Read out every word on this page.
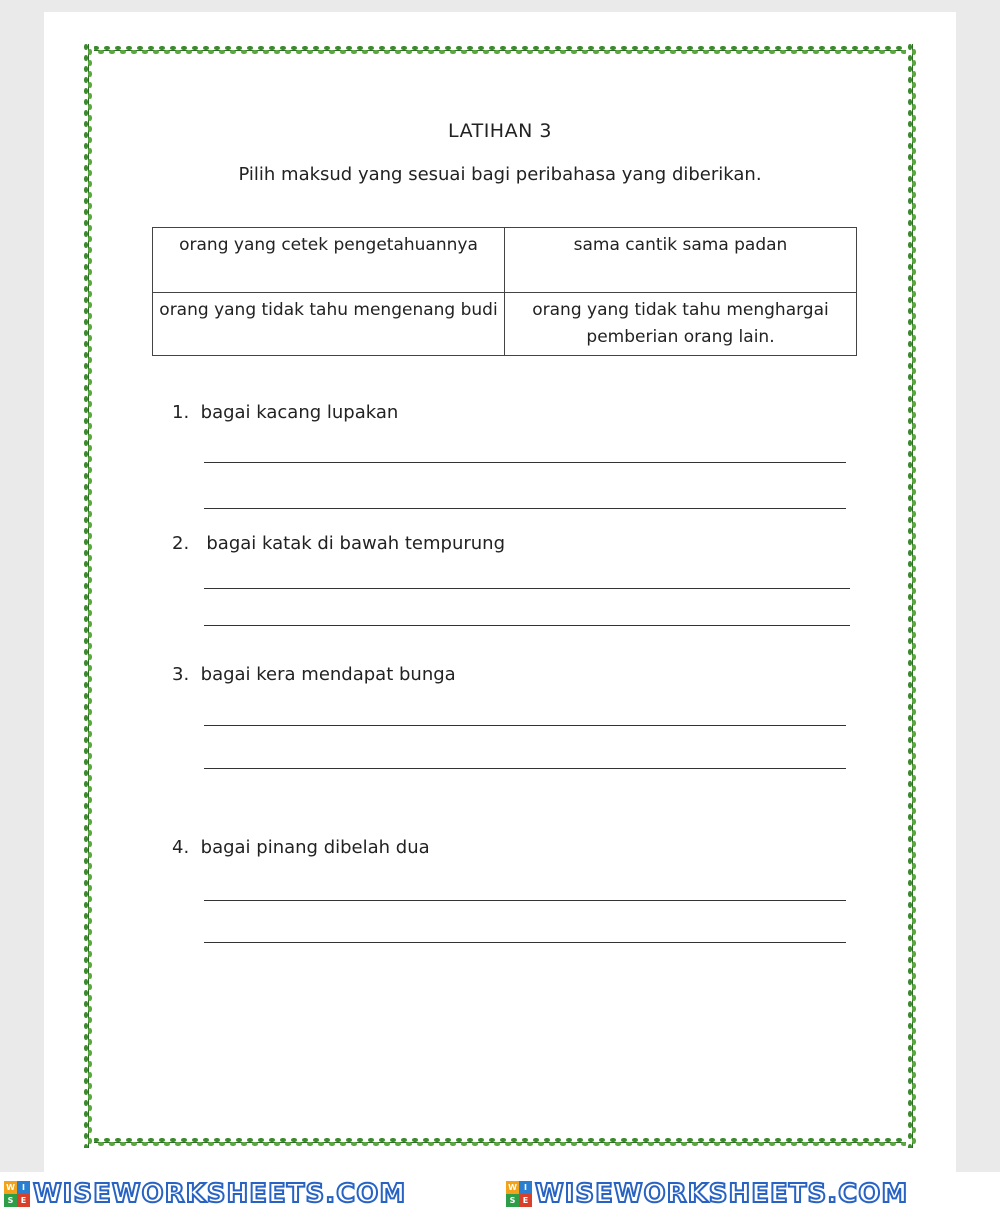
LATIHAN 3
Pilih maksud yang sesuai bagi peribahasa yang diberikan.
orang yang cetek pengetahuannya	sama cantik sama padan
orang yang tidak tahu mengenang budi	orang yang tidak tahu menghargai pemberian orang lain.
1. bagai kacang lupakan
2. bagai katak di bawah tempurung
3. bagai kera mendapat bunga
4. bagai pinang dibelah dua
W I
S E WISEWORKSHEETS.COM	W I
S E WISEWORKSHEETS.COM
